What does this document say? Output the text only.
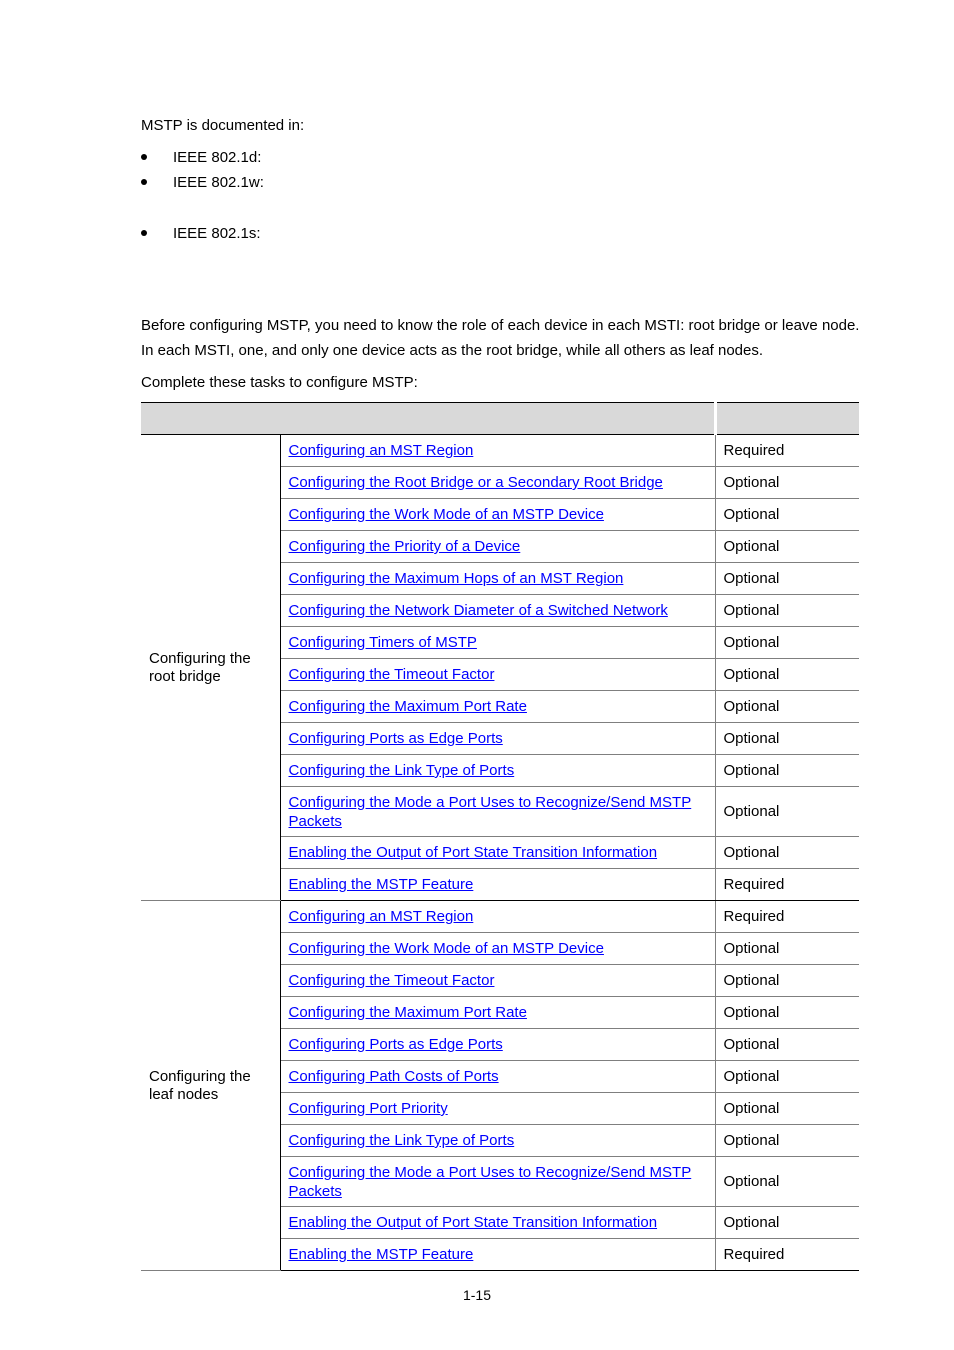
MSTP is documented in:
IEEE 802.1d:
IEEE 802.1w:
IEEE 802.1s:
Before configuring MSTP, you need to know the role of each device in each MSTI: root bridge or leave node. In each MSTI, one, and only one device acts as the root bridge, while all others as leaf nodes.
Complete these tasks to configure MSTP:

Configuring the root bridge	Configuring an MST Region	Required
	Configuring the Root Bridge or a Secondary Root Bridge	Optional
	Configuring the Work Mode of an MSTP Device	Optional
	Configuring the Priority of a Device	Optional
	Configuring the Maximum Hops of an MST Region	Optional
	Configuring the Network Diameter of a Switched Network	Optional
	Configuring Timers of MSTP	Optional
	Configuring the Timeout Factor	Optional
	Configuring the Maximum Port Rate	Optional
	Configuring Ports as Edge Ports	Optional
	Configuring the Link Type of Ports	Optional
	Configuring the Mode a Port Uses to Recognize/Send MSTP Packets	Optional
	Enabling the Output of Port State Transition Information	Optional
	Enabling the MSTP Feature	Required
Configuring the leaf nodes	Configuring an MST Region	Required
	Configuring the Work Mode of an MSTP Device	Optional
	Configuring the Timeout Factor	Optional
	Configuring the Maximum Port Rate	Optional
	Configuring Ports as Edge Ports	Optional
	Configuring Path Costs of Ports	Optional
	Configuring Port Priority	Optional
	Configuring the Link Type of Ports	Optional
	Configuring the Mode a Port Uses to Recognize/Send MSTP Packets	Optional
	Enabling the Output of Port State Transition Information	Optional
	Enabling the MSTP Feature	Required
1-15
